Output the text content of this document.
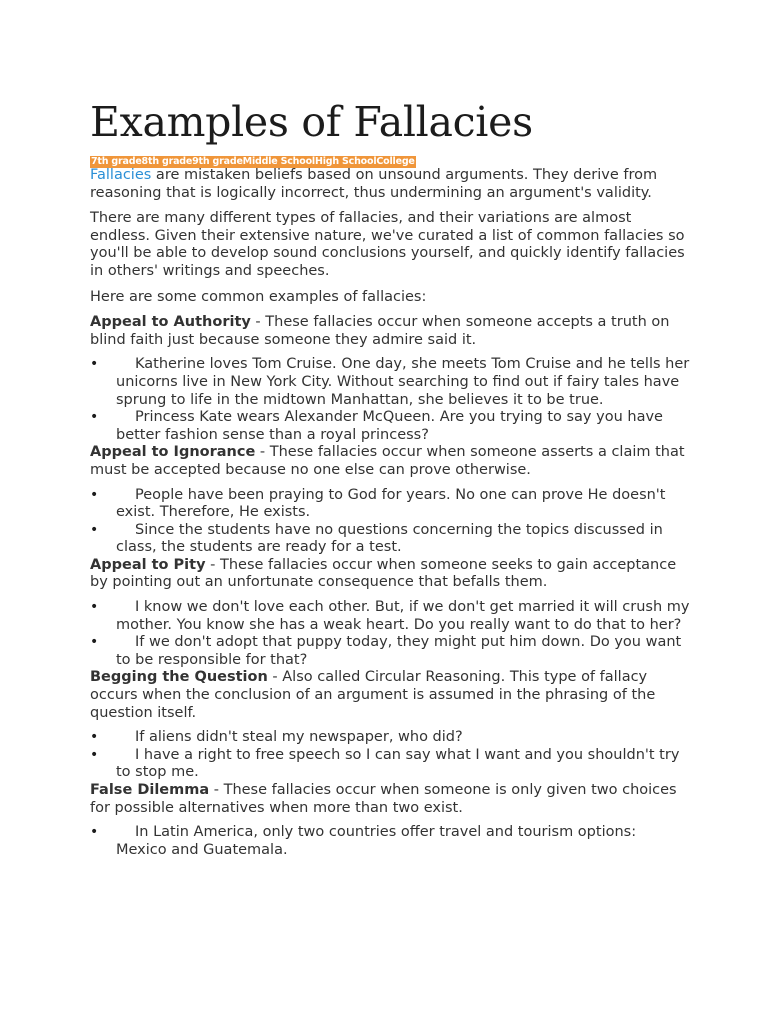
Examples of Fallacies
7th grade8th grade9th gradeMiddle SchoolHigh SchoolCollege

Fallacies are mistaken beliefs based on unsound arguments. They derive from reasoning that is logically incorrect, thus undermining an argument's validity.

There are many different types of fallacies, and their variations are almost endless. Given their extensive nature, we've curated a list of common fallacies so you'll be able to develop sound conclusions yourself, and quickly identify fallacies in others' writings and speeches.

Here are some common examples of fallacies:

Appeal to Authority - These fallacies occur when someone accepts a truth on blind faith just because someone they admire said it.

•	Katherine loves Tom Cruise. One day, she meets Tom Cruise and he tells her unicorns live in New York City. Without searching to find out if fairy tales have sprung to life in the midtown Manhattan, she believes it to be true.
•	Princess Kate wears Alexander McQueen. Are you trying to say you have better fashion sense than a royal princess?

Appeal to Ignorance - These fallacies occur when someone asserts a claim that must be accepted because no one else can prove otherwise.

•	People have been praying to God for years. No one can prove He doesn't exist. Therefore, He exists.
•	Since the students have no questions concerning the topics discussed in class, the students are ready for a test.

Appeal to Pity - These fallacies occur when someone seeks to gain acceptance by pointing out an unfortunate consequence that befalls them.

•	I know we don't love each other. But, if we don't get married it will crush my mother. You know she has a weak heart. Do you really want to do that to her?
•	If we don't adopt that puppy today, they might put him down. Do you want to be responsible for that?

Begging the Question - Also called Circular Reasoning. This type of fallacy occurs when the conclusion of an argument is assumed in the phrasing of the question itself.

•	If aliens didn't steal my newspaper, who did?
•	I have a right to free speech so I can say what I want and you shouldn't try to stop me.

False Dilemma - These fallacies occur when someone is only given two choices for possible alternatives when more than two exist.

•	In Latin America, only two countries offer travel and tourism options: Mexico and Guatemala.
